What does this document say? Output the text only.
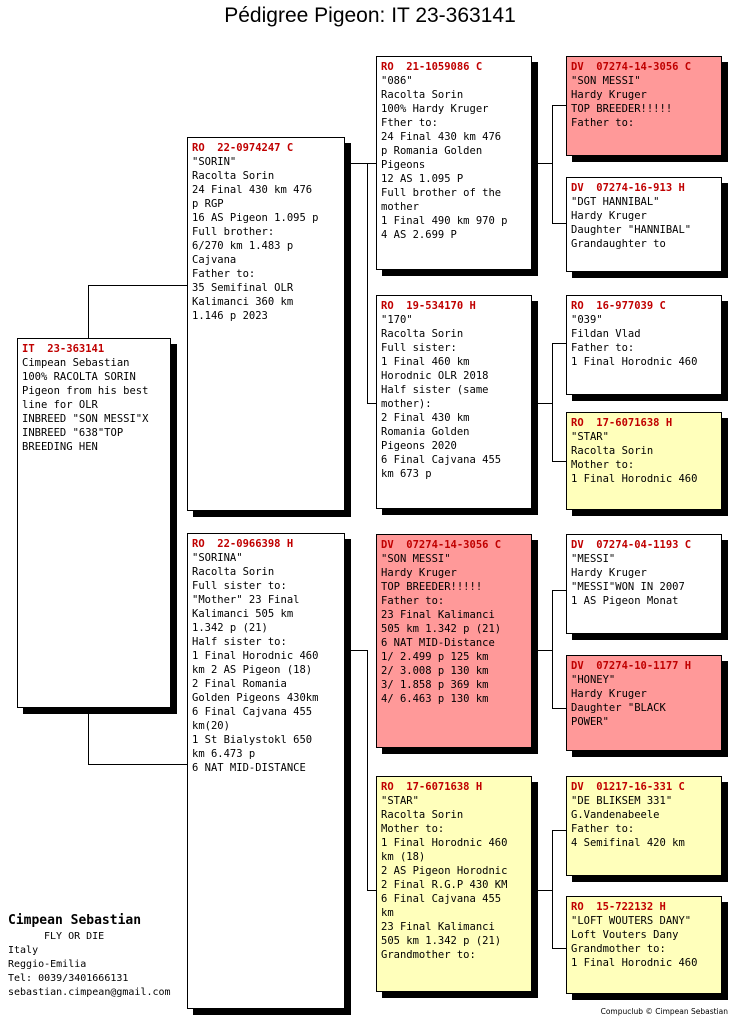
Pédigree Pigeon: IT 23-363141
IT  23-363141
Cimpean Sebastian
100% RACOLTA SORIN
Pigeon from his best
line for OLR
INBREED "SON MESSI"X
INBREED "638"TOP
BREEDING HEN
RO  22-0974247 C
"SORIN"
Racolta Sorin
24 Final 430 km 476
p RGP
16 AS Pigeon 1.095 p
Full brother:
6/270 km 1.483 p
Cajvana
Father to:
35 Semifinal OLR
Kalimanci 360 km
1.146 p 2023
RO  22-0966398 H
"SORINA"
Racolta Sorin
Full sister to:
"Mother" 23 Final
Kalimanci 505 km
1.342 p (21)
Half sister to:
1 Final Horodnic 460
km 2 AS Pigeon (18)
2 Final Romania
Golden Pigeons 430km
6 Final Cajvana 455
km(20)
1 St Bialystokl 650
km 6.473 p
6 NAT MID-DISTANCE
RO  21-1059086 C
"086"
Racolta Sorin
100% Hardy Kruger
Fther to:
24 Final 430 km 476
p Romania Golden
Pigeons
12 AS 1.095 P
Full brother of the
mother
1 Final 490 km 970 p
4 AS 2.699 P
RO  19-534170 H
"170"
Racolta Sorin
Full sister:
1 Final 460 km
Horodnic OLR 2018
Half sister (same
mother):
2 Final 430 km
Romania Golden
Pigeons 2020
6 Final Cajvana 455
km 673 p
DV  07274-14-3056 C
"SON MESSI"
Hardy Kruger
TOP BREEDER!!!!!
Father to:
23 Final Kalimanci
505 km 1.342 p (21)
6 NAT MID-Distance
1/ 2.499 p 125 km
2/ 3.008 p 130 km
3/ 1.858 p 369 km
4/ 6.463 p 130 km
RO  17-6071638 H
"STAR"
Racolta Sorin
Mother to:
1 Final Horodnic 460
km (18)
2 AS Pigeon Horodnic
2 Final R.G.P 430 KM
6 Final Cajvana 455
km
23 Final Kalimanci
505 km 1.342 p (21)
Grandmother to:
DV  07274-14-3056 C
"SON MESSI"
Hardy Kruger
TOP BREEDER!!!!!
Father to:
DV  07274-16-913 H
"DGT HANNIBAL"
Hardy Kruger
Daughter "HANNIBAL"
Grandaughter to
RO  16-977039 C
"039"
Fildan Vlad
Father to:
1 Final Horodnic 460
RO  17-6071638 H
"STAR"
Racolta Sorin
Mother to:
1 Final Horodnic 460
DV  07274-04-1193 C
"MESSI"
Hardy Kruger
"MESSI"WON IN 2007
1 AS Pigeon Monat
DV  07274-10-1177 H
"HONEY"
Hardy Kruger
Daughter "BLACK
POWER"
DV  01217-16-331 C
"DE BLIKSEM 331"
G.Vandenabeele
Father to:
4 Semifinal 420 km
RO  15-722132 H
"LOFT WOUTERS DANY"
Loft Vouters Dany
Grandmother to:
1 Final Horodnic 460
Cimpean Sebastian
FLY OR DIE
Italy
Reggio-Emilia
Tel: 0039/3401666131
sebastian.cimpean@gmail.com
Compuclub © Cimpean Sebastian
